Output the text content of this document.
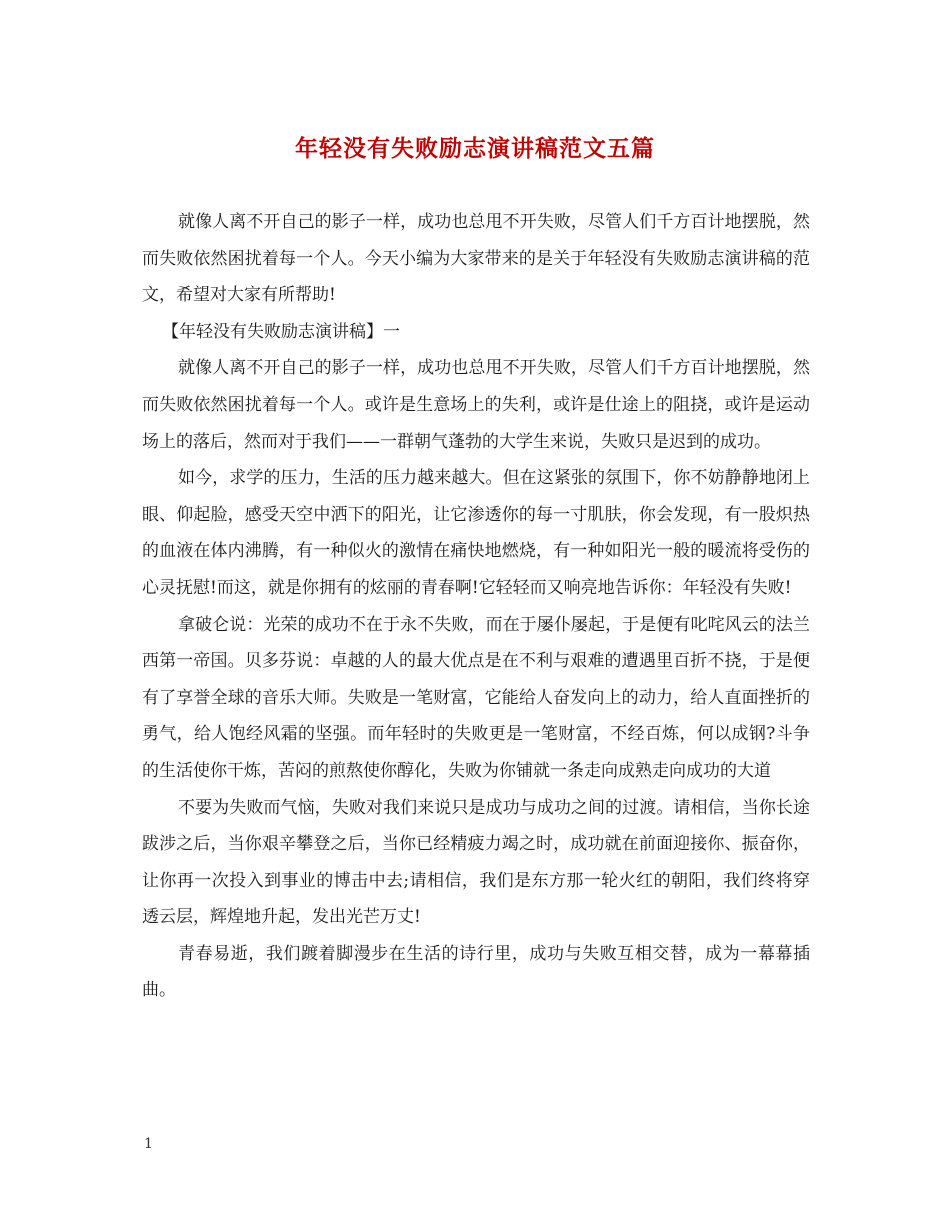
年轻没有失败励志演讲稿范文五篇

就像人离不开自己的影子一样，成功也总甩不开失败，尽管人们千方百计地摆脱，然而失败依然困扰着每一个人。今天小编为大家带来的是关于年轻没有失败励志演讲稿的范文，希望对大家有所帮助!

【年轻没有失败励志演讲稿】一

就像人离不开自己的影子一样，成功也总甩不开失败，尽管人们千方百计地摆脱，然而失败依然困扰着每一个人。或许是生意场上的失利，或许是仕途上的阻挠，或许是运动场上的落后，然而对于我们——一群朝气蓬勃的大学生来说，失败只是迟到的成功。

如今，求学的压力，生活的压力越来越大。但在这紧张的氛围下，你不妨静静地闭上眼、仰起脸，感受天空中洒下的阳光，让它渗透你的每一寸肌肤，你会发现，有一股炽热的血液在体内沸腾，有一种似火的激情在痛快地燃烧，有一种如阳光一般的暖流将受伤的心灵抚慰!而这，就是你拥有的炫丽的青春啊!它轻轻而又响亮地告诉你：年轻没有失败!

拿破仑说：光荣的成功不在于永不失败，而在于屡仆屡起，于是便有叱咤风云的法兰西第一帝国。贝多芬说：卓越的人的最大优点是在不利与艰难的遭遇里百折不挠，于是便有了享誉全球的音乐大师。失败是一笔财富，它能给人奋发向上的动力，给人直面挫折的勇气，给人饱经风霜的坚强。而年轻时的失败更是一笔财富，不经百炼，何以成钢?斗争的生活使你干炼，苦闷的煎熬使你醇化，失败为你铺就一条走向成熟走向成功的大道

不要为失败而气恼，失败对我们来说只是成功与成功之间的过渡。请相信，当你长途跋涉之后，当你艰辛攀登之后，当你已经精疲力竭之时，成功就在前面迎接你、振奋你，让你再一次投入到事业的博击中去;请相信，我们是东方那一轮火红的朝阳，我们终将穿透云层，辉煌地升起，发出光芒万丈!

青春易逝，我们踱着脚漫步在生活的诗行里，成功与失败互相交替，成为一幕幕插曲。

1
